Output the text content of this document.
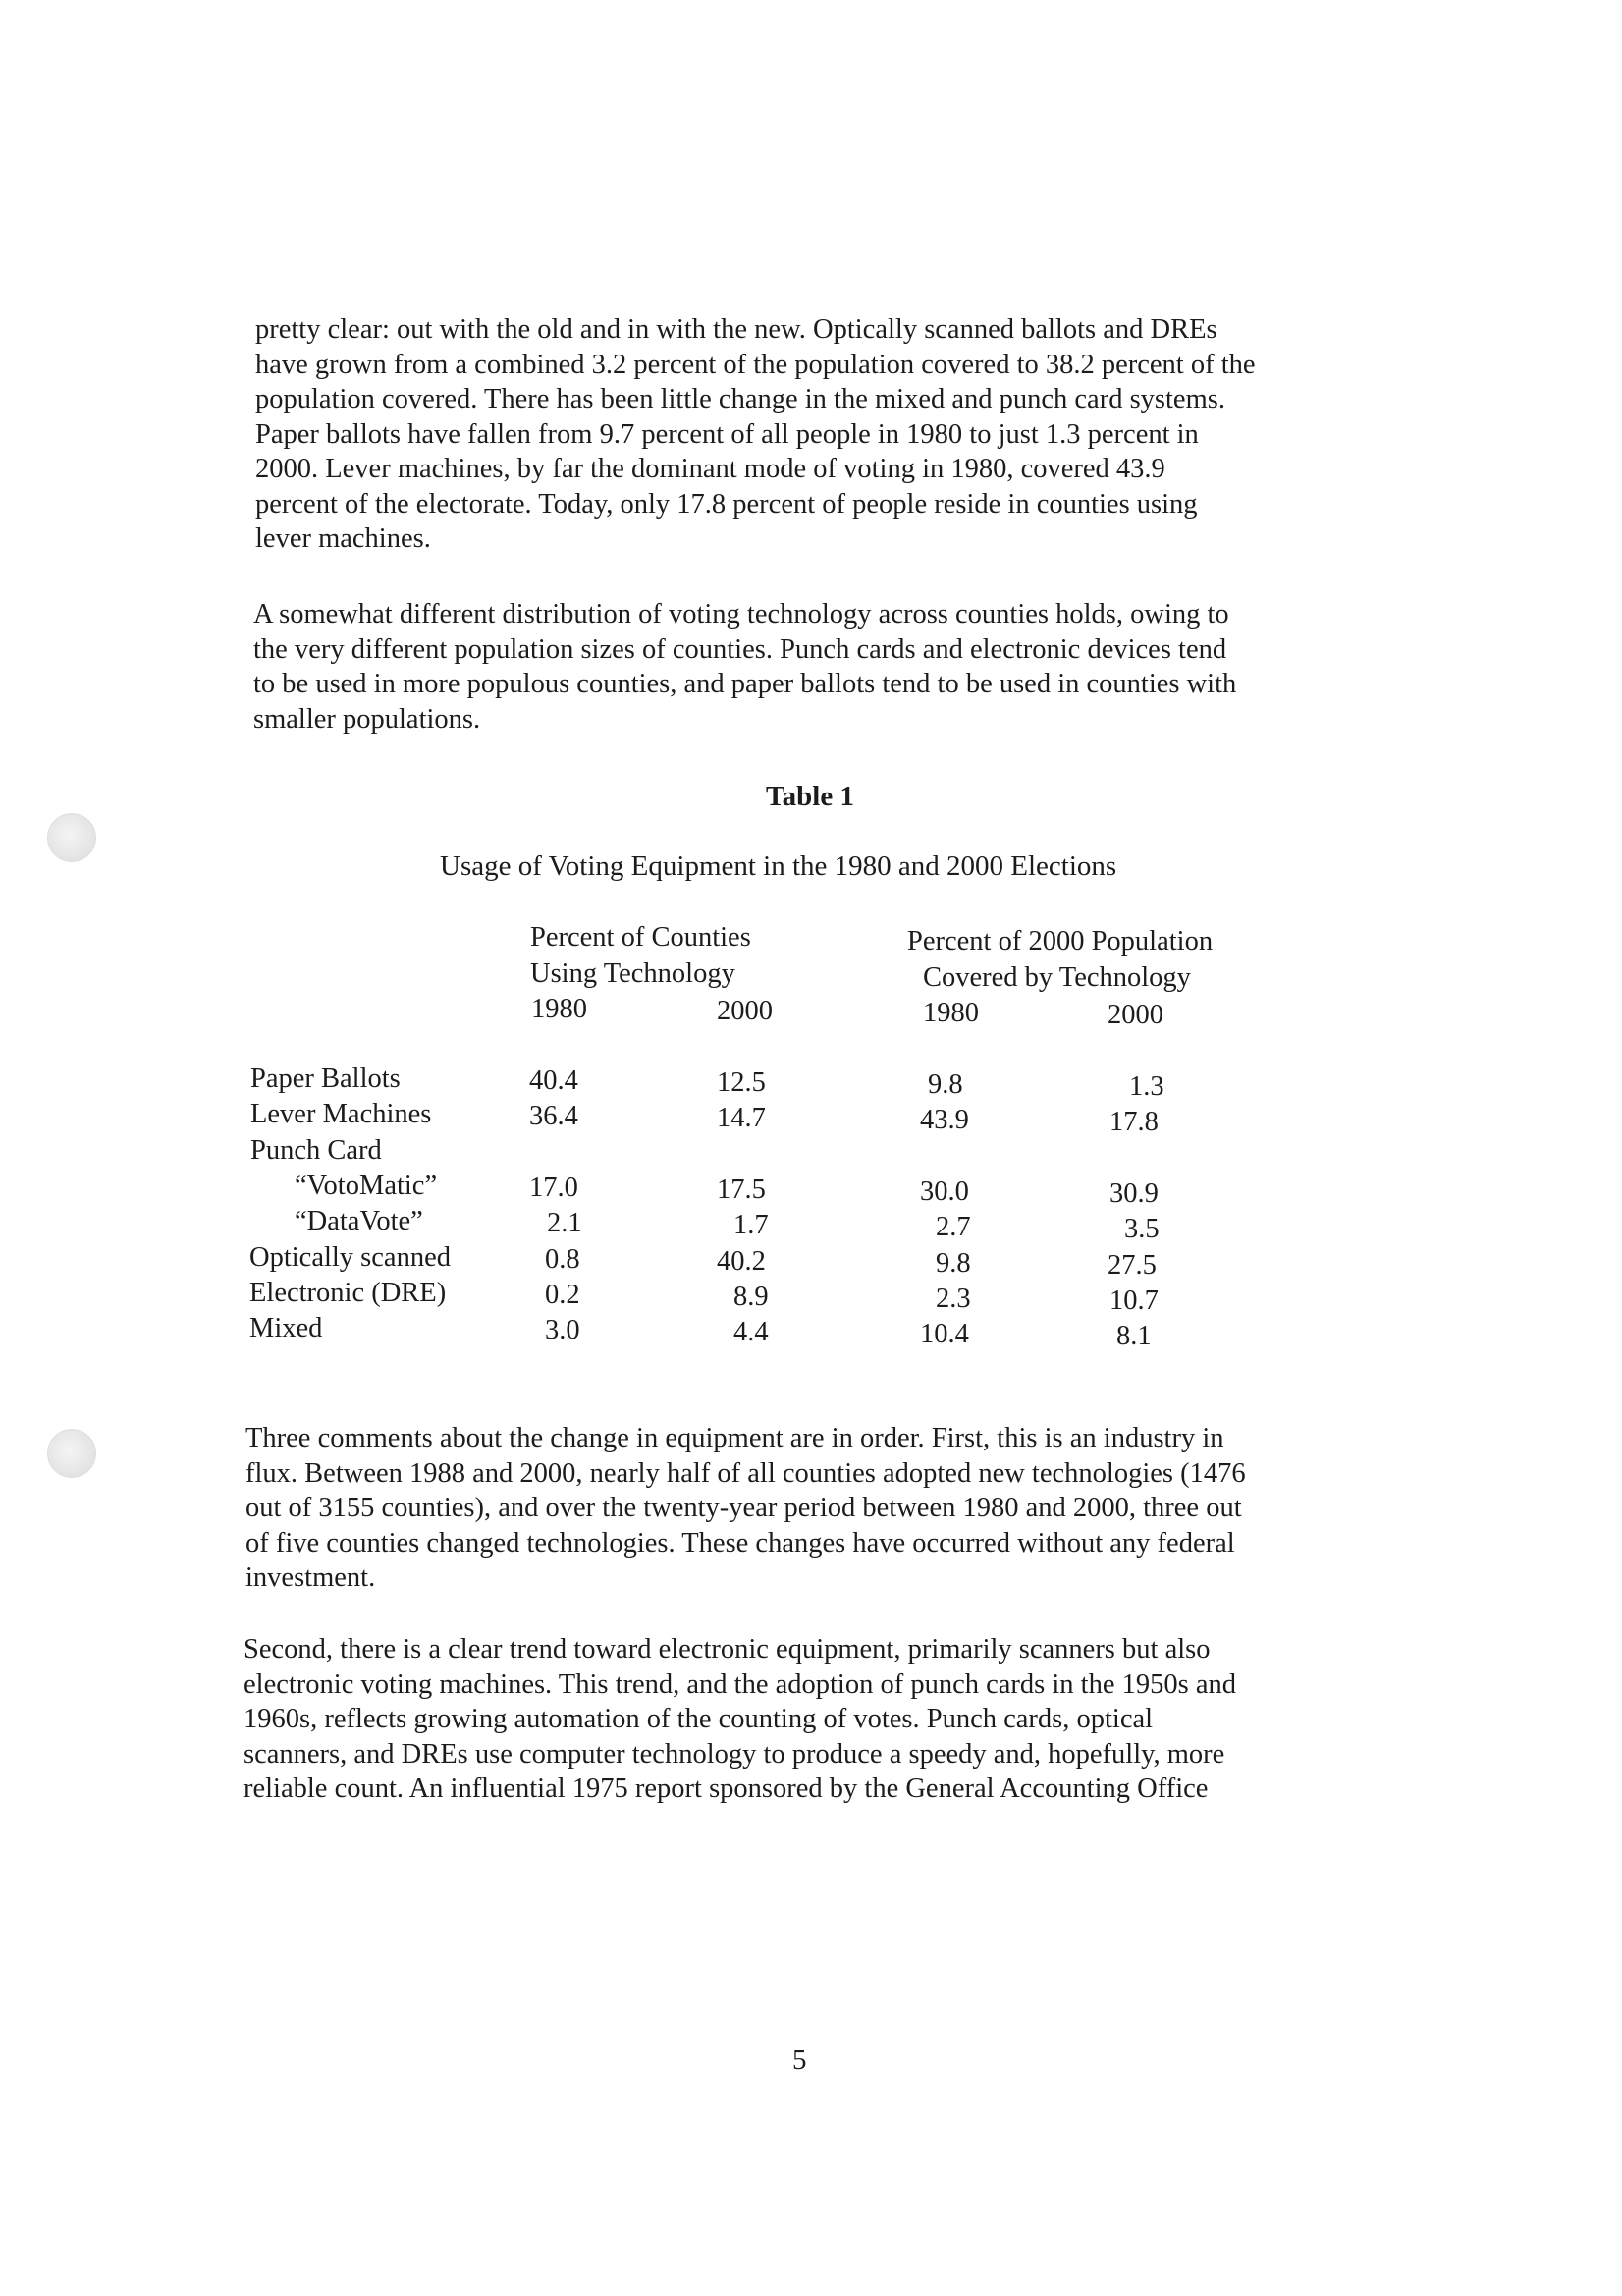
pretty clear: out with the old and in with the new. Optically scanned ballots and DREs
have grown from a combined 3.2 percent of the population covered to 38.2 percent of the
population covered. There has been little change in the mixed and punch card systems.
Paper ballots have fallen from 9.7 percent of all people in 1980 to just 1.3 percent in
2000. Lever machines, by far the dominant mode of voting in 1980, covered 43.9
percent of the electorate. Today, only 17.8 percent of people reside in counties using
lever machines.

A somewhat different distribution of voting technology across counties holds, owing to
the very different population sizes of counties. Punch cards and electronic devices tend
to be used in more populous counties, and paper ballots tend to be used in counties with
smaller populations.

Table 1
Usage of Voting Equipment in the 1980 and 2000 Elections
Percent of Counties
Using Technology
Percent of 2000 Population
Covered by Technology
1980	2000	1980	2000
Paper Ballots	40.4	12.5	9.8	1.3
Lever Machines	36.4	14.7	43.9	17.8
Punch Card
“VotoMatic”	17.0	17.5	30.0	30.9
“DataVote”	2.1	1.7	2.7	3.5
Optically scanned	0.8	40.2	9.8	27.5
Electronic (DRE)	0.2	8.9	2.3	10.7
Mixed	3.0	4.4	10.4	8.1

Three comments about the change in equipment are in order. First, this is an industry in
flux. Between 1988 and 2000, nearly half of all counties adopted new technologies (1476
out of 3155 counties), and over the twenty-year period between 1980 and 2000, three out
of five counties changed technologies. These changes have occurred without any federal
investment.

Second, there is a clear trend toward electronic equipment, primarily scanners but also
electronic voting machines. This trend, and the adoption of punch cards in the 1950s and
1960s, reflects growing automation of the counting of votes. Punch cards, optical
scanners, and DREs use computer technology to produce a speedy and, hopefully, more
reliable count. An influential 1975 report sponsored by the General Accounting Office

5
